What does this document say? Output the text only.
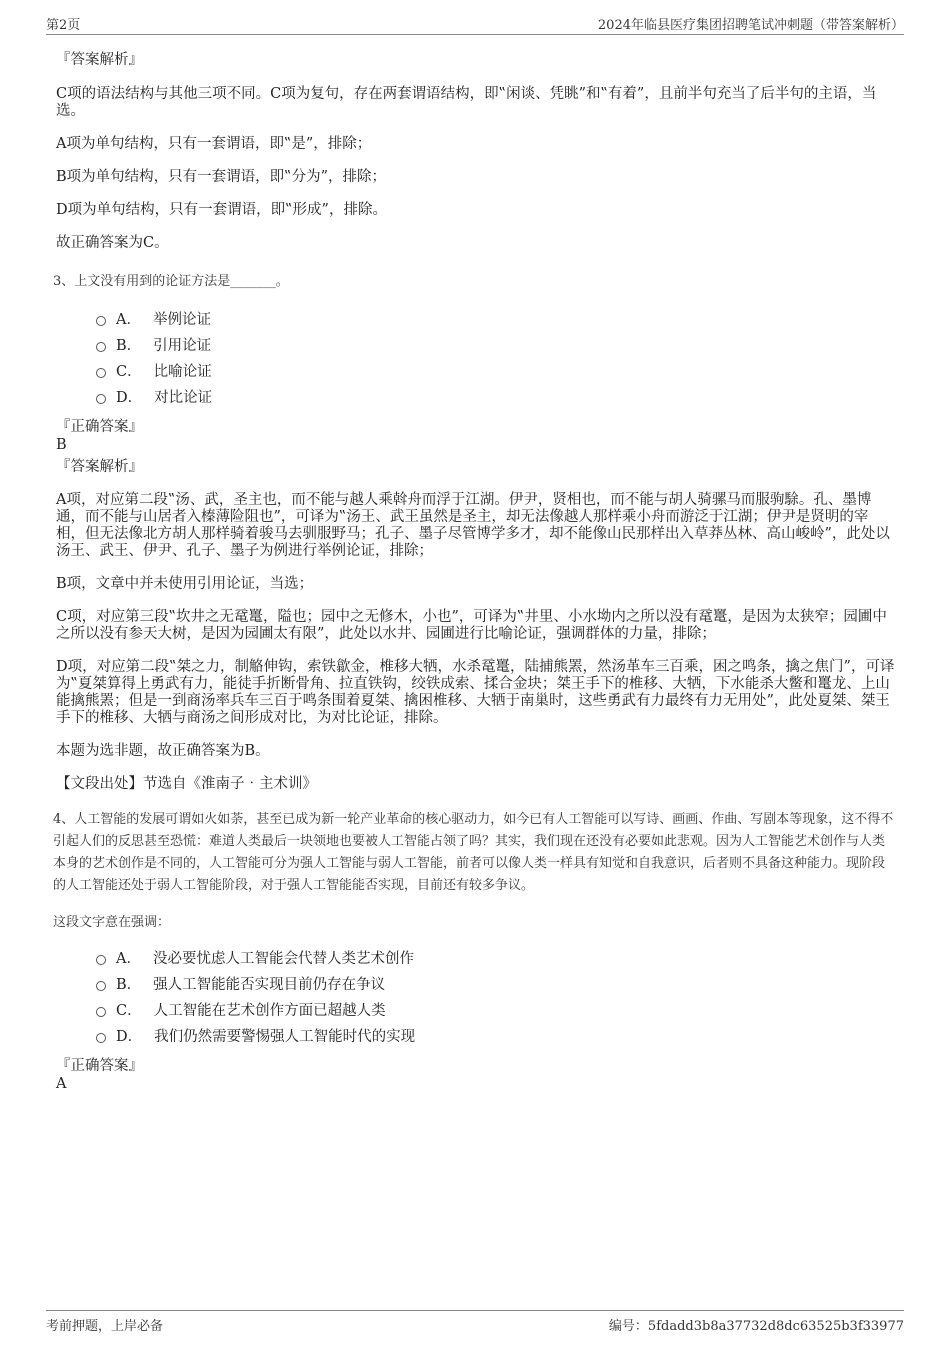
第2页	2024年临县医疗集团招聘笔试冲刺题（带答案解析）

『答案解析』

C项的语法结构与其他三项不同。C项为复句，存在两套谓语结构，即‟闲谈、凭眺”和‟有着”，且前半句充当了后半句的主语，当选。

A项为单句结构，只有一套谓语，即‟是”，排除；

B项为单句结构，只有一套谓语，即‟分为”，排除；

D项为单句结构，只有一套谓语，即‟形成”，排除。

故正确答案为C。

3、上文没有用到的论证方法是_______。

A． 举例论证
B． 引用论证
C． 比喻论证
D． 对比论证

『正确答案』

B

『答案解析』

A项，对应第二段‟汤、武，圣主也，而不能与越人乘斡舟而浮于江湖。伊尹，贤相也，而不能与胡人骑骡马而服驹駼。孔、墨博通，而不能与山居者入榛薄险阻也”，可译为‟汤王、武王虽然是圣主，却无法像越人那样乘小舟而游泛于江湖；伊尹是贤明的宰相，但无法像北方胡人那样骑着骏马去驯服野马；孔子、墨子尽管博学多才，却不能像山民那样出入草莽丛林、高山峻岭”，此处以汤王、武王、伊尹、孔子、墨子为例进行举例论证，排除；

B项，文章中并未使用引用论证，当选；

C项，对应第三段‟坎井之无鼋鼍，隘也；园中之无修木，小也”，可译为‟井里、小水坳内之所以没有鼋鼍，是因为太狭窄；园圃中之所以没有参天大树，是因为园圃太有限”，此处以水井、园圃进行比喻论证，强调群体的力量，排除；

D项，对应第二段‟桀之力，制觡伸钩，索铁歙金，椎移大牺，水杀鼋鼍，陆捕熊罴，然汤革车三百乘，困之鸣条，擒之焦门”，可译为‟夏桀算得上勇武有力，能徒手折断骨角、拉直铁钩，绞铁成索、揉合金块；桀王手下的椎移、大牺，下水能杀大鳖和鼍龙、上山能擒熊罴；但是一到商汤率兵车三百于鸣条围着夏桀、擒困椎移、大牺于南巢时，这些勇武有力最终有力无用处”，此处夏桀、桀王手下的椎移、大牺与商汤之间形成对比，为对比论证，排除。

本题为选非题，故正确答案为B。

【文段出处】节选自《淮南子‧主术训》

4、人工智能的发展可谓如火如荼，甚至已成为新一轮产业革命的核心驱动力，如今已有人工智能可以写诗、画画、作曲、写剧本等现象，这不得不引起人们的反思甚至恐慌：难道人类最后一块领地也要被人工智能占领了吗？其实，我们现在还没有必要如此悲观。因为人工智能艺术创作与人类本身的艺术创作是不同的，人工智能可分为强人工智能与弱人工智能，前者可以像人类一样具有知觉和自我意识，后者则不具备这种能力。现阶段的人工智能还处于弱人工智能阶段，对于强人工智能能否实现，目前还有较多争议。

这段文字意在强调：

A． 没必要忧虑人工智能会代替人类艺术创作
B． 强人工智能能否实现目前仍存在争议
C． 人工智能在艺术创作方面已超越人类
D． 我们仍然需要警惕强人工智能时代的实现

『正确答案』

A

考前押题，上岸必备	编号：5fdadd3b8a37732d8dc63525b3f33977
